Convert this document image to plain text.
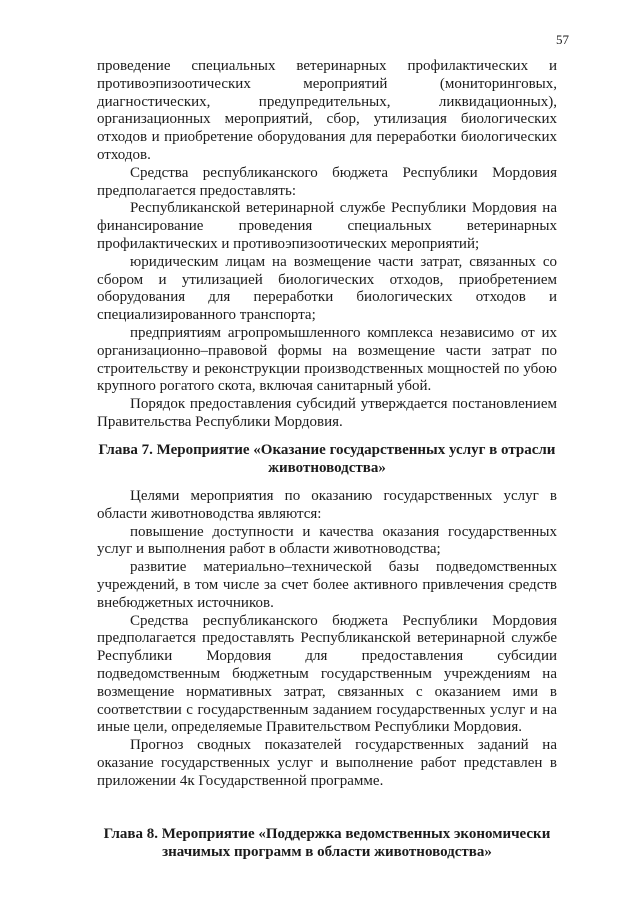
57

проведение специальных ветеринарных профилактических и противоэпизоотических мероприятий (мониторинговых, диагностических, предупредительных, ликвидационных), организационных мероприятий, сбор, утилизация биологических отходов и приобретение оборудования для переработки биологических отходов.

Средства республиканского бюджета Республики Мордовия предполагается предоставлять:

Республиканской ветеринарной службе Республики Мордовия на финансирование проведения специальных ветеринарных профилактических и противоэпизоотических мероприятий;

юридическим лицам на возмещение части затрат, связанных со сбором и утилизацией биологических отходов, приобретением оборудования для переработки биологических отходов и специализированного транспорта;

предприятиям агропромышленного комплекса независимо от их организационно–правовой формы на возмещение части затрат по строительству и реконструкции производственных мощностей по убою крупного рогатого скота, включая санитарный убой.

Порядок предоставления субсидий утверждается постановлением Правительства Республики Мордовия.

Глава 7. Мероприятие «Оказание государственных услуг в отрасли животноводства»

Целями мероприятия по оказанию государственных услуг в области животноводства являются:

повышение доступности и качества оказания государственных услуг и выполнения работ в области животноводства;

развитие материально–технической базы подведомственных учреждений, в том числе за счет более активного привлечения средств внебюджетных источников.

Средства республиканского бюджета Республики Мордовия предполагается предоставлять Республиканской ветеринарной службе Республики Мордовия для предоставления субсидии подведомственным бюджетным государственным учреждениям на возмещение нормативных затрат, связанных с оказанием ими в соответствии с государственным заданием государственных услуг и на иные цели, определяемые Правительством Республики Мордовия.

Прогноз сводных показателей государственных заданий на оказание государственных услуг и выполнение работ представлен в приложении 4к Государственной программе.

Глава 8. Мероприятие «Поддержка ведомственных экономически значимых программ в области животноводства»
